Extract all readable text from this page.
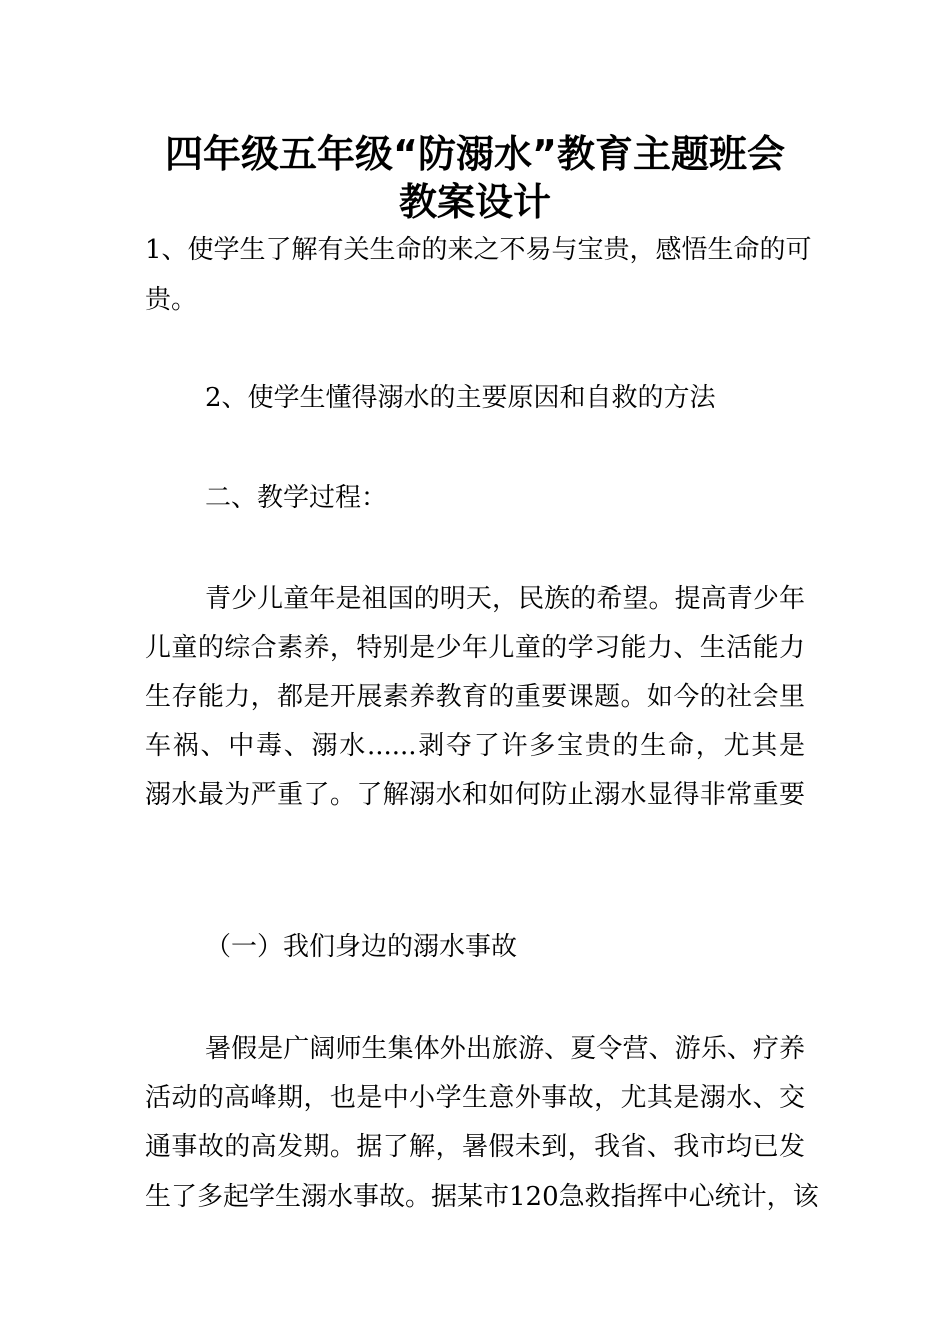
四年级五年级“防溺水”教育主题班会
教案设计
1、使学生了解有关生命的来之不易与宝贵，感悟生命的可
贵。
2、使学生懂得溺水的主要原因和自救的方法
二、教学过程：
青少儿童年是祖国的明天，民族的希望。提高青少年
儿童的综合素养，特别是少年儿童的学习能力、生活能力
生存能力，都是开展素养教育的重要课题。如今的社会里
车祸、中毒、溺水......剥夺了许多宝贵的生命，尤其是
溺水最为严重了。了解溺水和如何防止溺水显得非常重要
（一）我们身边的溺水事故
暑假是广阔师生集体外出旅游、夏令营、游乐、疗养
活动的高峰期，也是中小学生意外事故，尤其是溺水、交
通事故的高发期。据了解，暑假未到，我省、我市均已发
生了多起学生溺水事故。据某市120急救指挥中心统计，该
